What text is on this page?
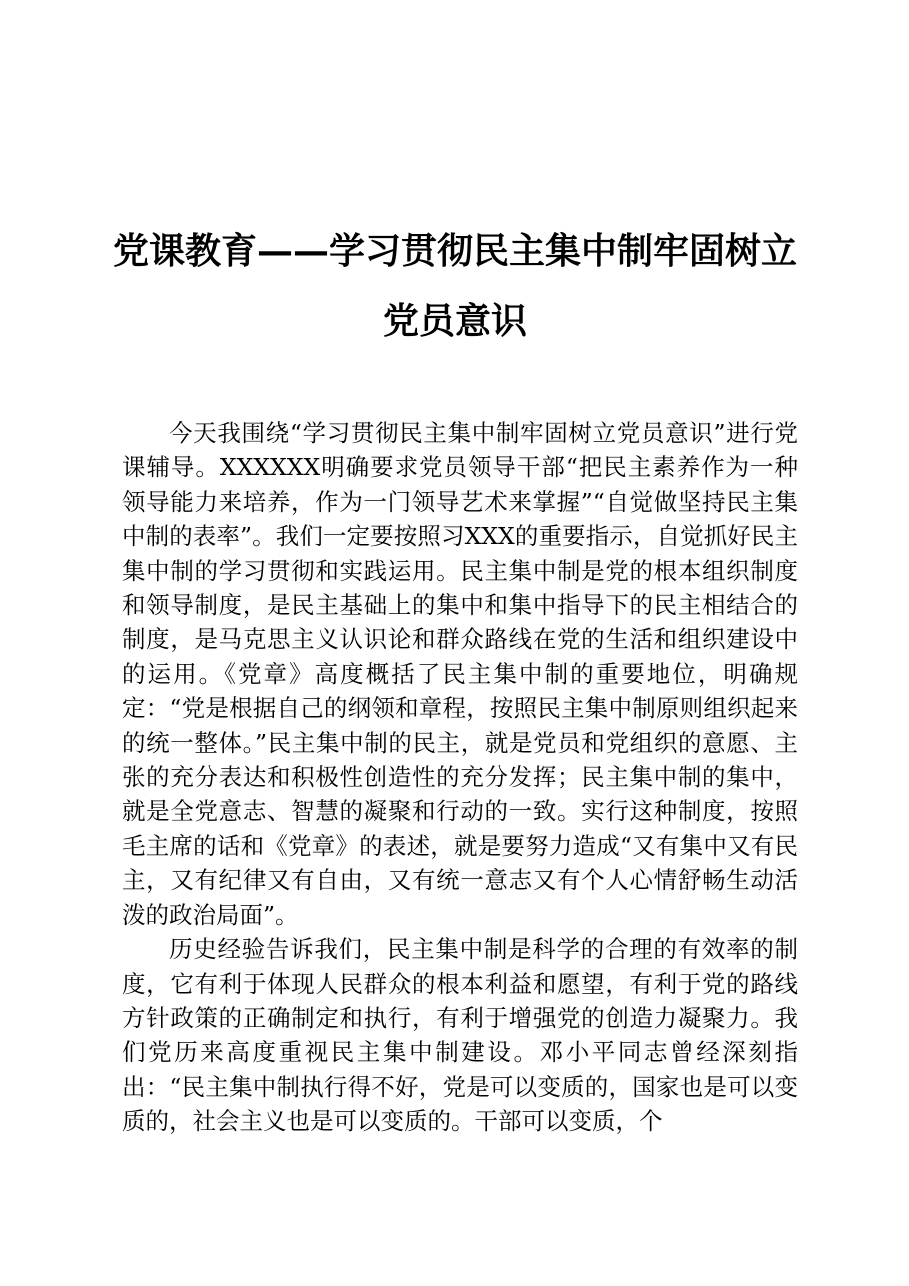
党课教育——学习贯彻民主集中制牢固树立党员意识

今天我围绕“学习贯彻民主集中制牢固树立党员意识”进行党课辅导。XXXXXX明确要求党员领导干部“把民主素养作为一种领导能力来培养，作为一门领导艺术来掌握”“自觉做坚持民主集中制的表率”。我们一定要按照习XXX的重要指示，自觉抓好民主集中制的学习贯彻和实践运用。民主集中制是党的根本组织制度和领导制度，是民主基础上的集中和集中指导下的民主相结合的制度，是马克思主义认识论和群众路线在党的生活和组织建设中的运用。《党章》高度概括了民主集中制的重要地位，明确规定：“党是根据自己的纲领和章程，按照民主集中制原则组织起来的统一整体。”民主集中制的民主，就是党员和党组织的意愿、主张的充分表达和积极性创造性的充分发挥；民主集中制的集中，就是全党意志、智慧的凝聚和行动的一致。实行这种制度，按照毛主席的话和《党章》的表述，就是要努力造成“又有集中又有民主，又有纪律又有自由，又有统一意志又有个人心情舒畅生动活泼的政治局面”。

历史经验告诉我们，民主集中制是科学的合理的有效率的制度，它有利于体现人民群众的根本利益和愿望，有利于党的路线方针政策的正确制定和执行，有利于增强党的创造力凝聚力。我们党历来高度重视民主集中制建设。邓小平同志曾经深刻指出：“民主集中制执行得不好，党是可以变质的，国家也是可以变质的，社会主义也是可以变质的。干部可以变质，个
